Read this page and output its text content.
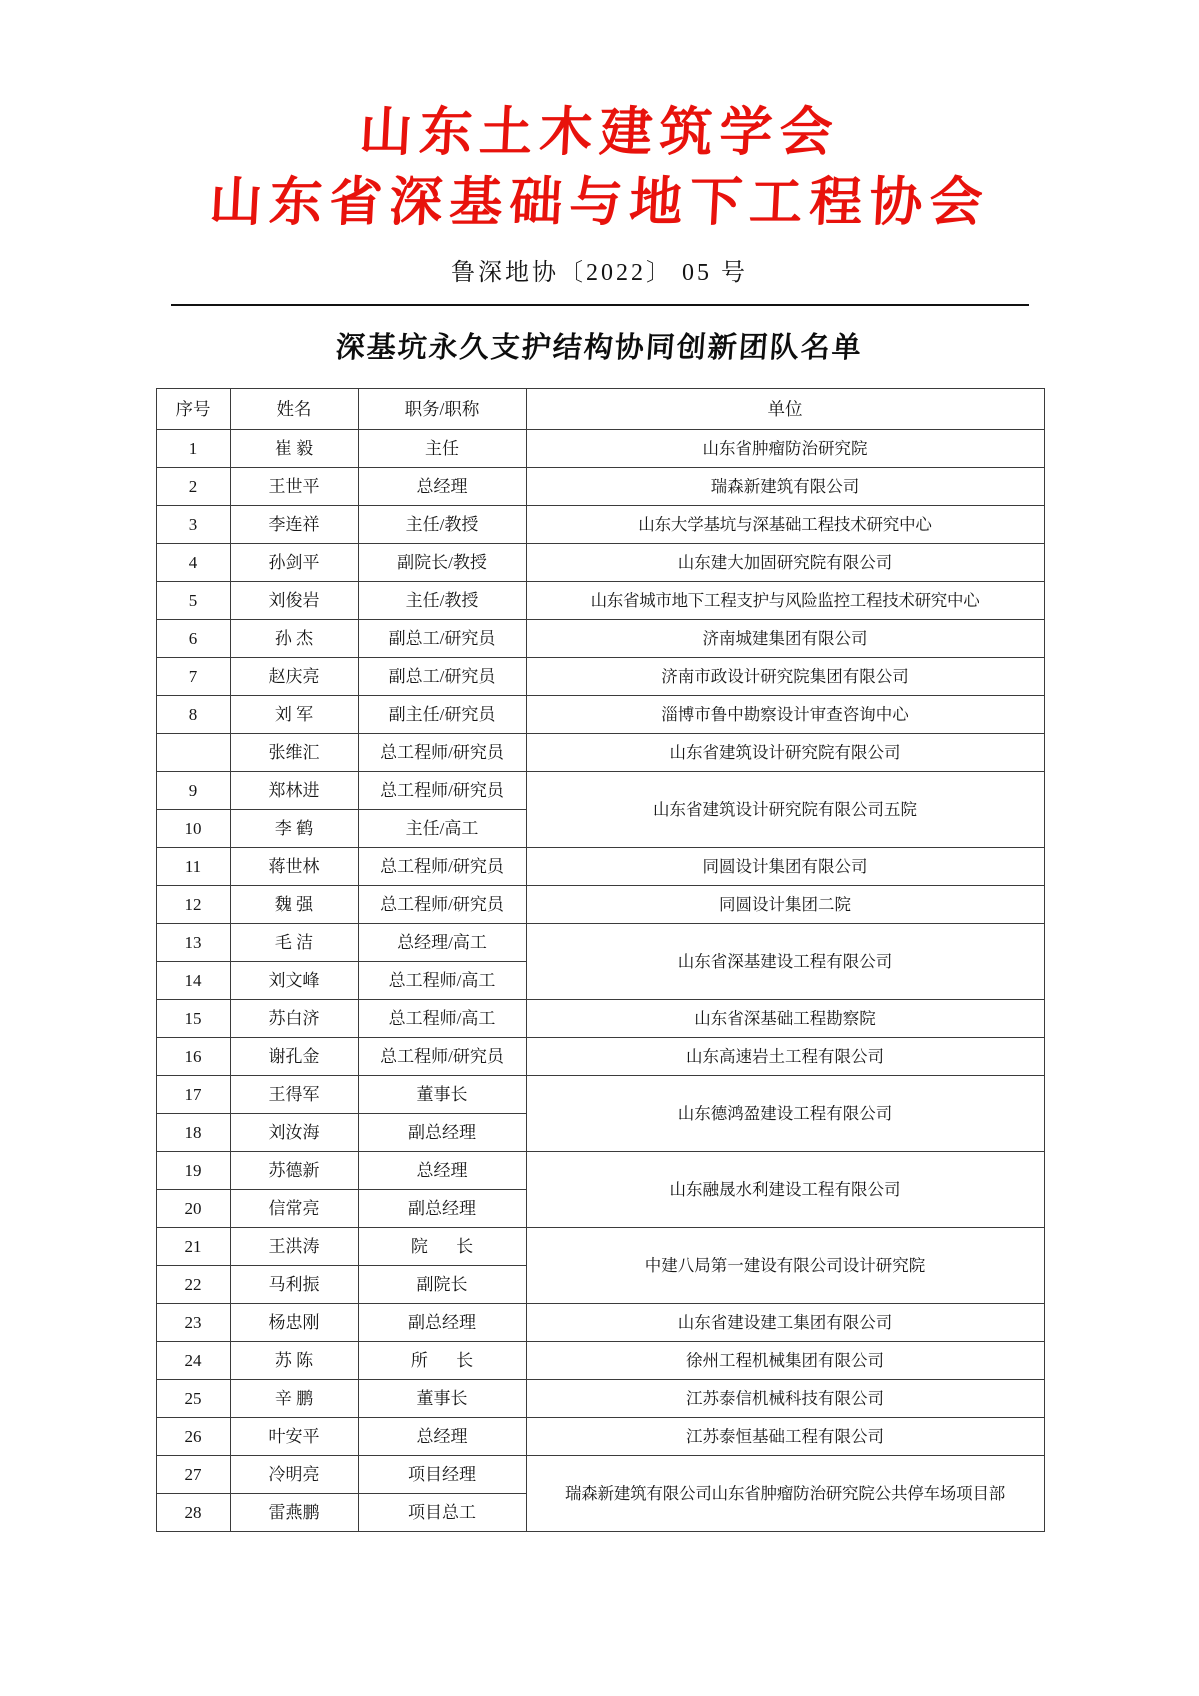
山东土木建筑学会
山东省深基础与地下工程协会
鲁深地协〔2022〕 05 号
深基坑永久支护结构协同创新团队名单
序号	姓名	职务/职称	单位
1	崔 毅	主任	山东省肿瘤防治研究院
2	王世平	总经理	瑞森新建筑有限公司
3	李连祥	主任/教授	山东大学基坑与深基础工程技术研究中心
4	孙剑平	副院长/教授	山东建大加固研究院有限公司
5	刘俊岩	主任/教授	山东省城市地下工程支护与风险监控工程技术研究中心
6	孙 杰	副总工/研究员	济南城建集团有限公司
7	赵庆亮	副总工/研究员	济南市政设计研究院集团有限公司
8	刘 军	副主任/研究员	淄博市鲁中勘察设计审查咨询中心
	张维汇	总工程师/研究员	山东省建筑设计研究院有限公司
9	郑林进	总工程师/研究员	山东省建筑设计研究院有限公司五院
10	李 鹤	主任/高工	
11	蒋世林	总工程师/研究员	同圆设计集团有限公司
12	魏 强	总工程师/研究员	同圆设计集团二院
13	毛 洁	总经理/高工	山东省深基建设工程有限公司
14	刘文峰	总工程师/高工	
15	苏白济	总工程师/高工	山东省深基础工程勘察院
16	谢孔金	总工程师/研究员	山东高速岩土工程有限公司
17	王得军	董事长	山东德鸿盈建设工程有限公司
18	刘汝海	副总经理	
19	苏德新	总经理	山东融晟水利建设工程有限公司
20	信常亮	副总经理	
21	王洪涛	院 长	中建八局第一建设有限公司设计研究院
22	马利振	副院长	
23	杨忠刚	副总经理	山东省建设建工集团有限公司
24	苏 陈	所 长	徐州工程机械集团有限公司
25	辛 鹏	董事长	江苏泰信机械科技有限公司
26	叶安平	总经理	江苏泰恒基础工程有限公司
27	冷明亮	项目经理	瑞森新建筑有限公司山东省肿瘤防治研究院公共停车场项目部
28	雷燕鹏	项目总工	
